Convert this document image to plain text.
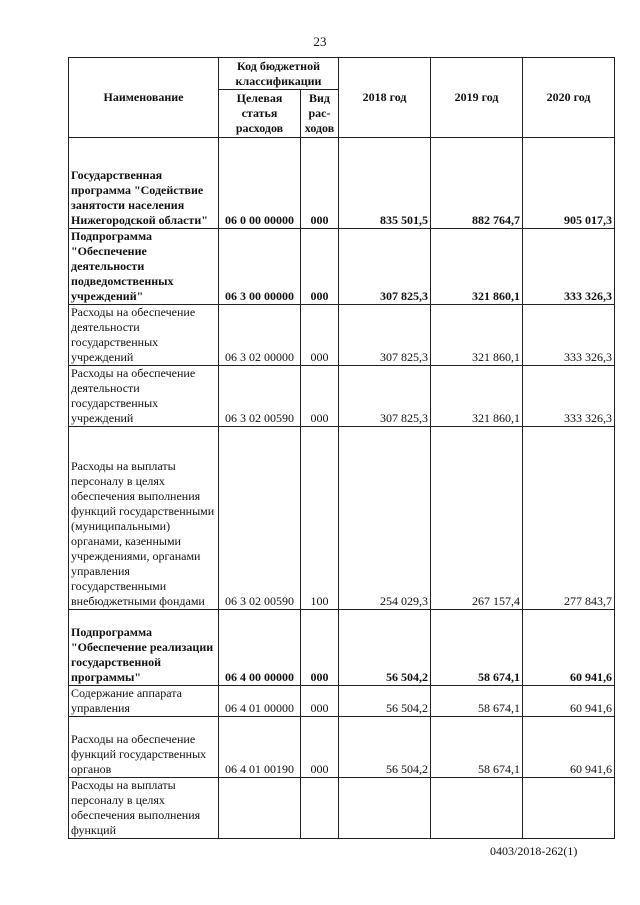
23
Наименование	Код бюджетной классификации		2018 год	2019 год	2020 год
	Целевая статья расходов	Вид рас-ходов			
Государственная программа "Содействие занятости населения Нижегородской области"	06 0 00 00000	000	835 501,5	882 764,7	905 017,3
Подпрограмма "Обеспечение деятельности подведомственных учреждений"	06 3 00 00000	000	307 825,3	321 860,1	333 326,3
Расходы на обеспечение деятельности государственных учреждений	06 3 02 00000	000	307 825,3	321 860,1	333 326,3
Расходы на обеспечение деятельности государственных учреждений	06 3 02 00590	000	307 825,3	321 860,1	333 326,3
Расходы на выплаты персоналу в целях обеспечения выполнения функций государственными (муниципальными) органами, казенными учреждениями, органами управления государственными внебюджетными фондами	06 3 02 00590	100	254 029,3	267 157,4	277 843,7
Подпрограмма "Обеспечение реализации государственной программы"	06 4 00 00000	000	56 504,2	58 674,1	60 941,6
Содержание аппарата управления	06 4 01 00000	000	56 504,2	58 674,1	60 941,6
Расходы на обеспечение функций государственных органов	06 4 01 00190	000	56 504,2	58 674,1	60 941,6
Расходы на выплаты персоналу в целях обеспечения выполнения функций					
0403/2018-262(1)
